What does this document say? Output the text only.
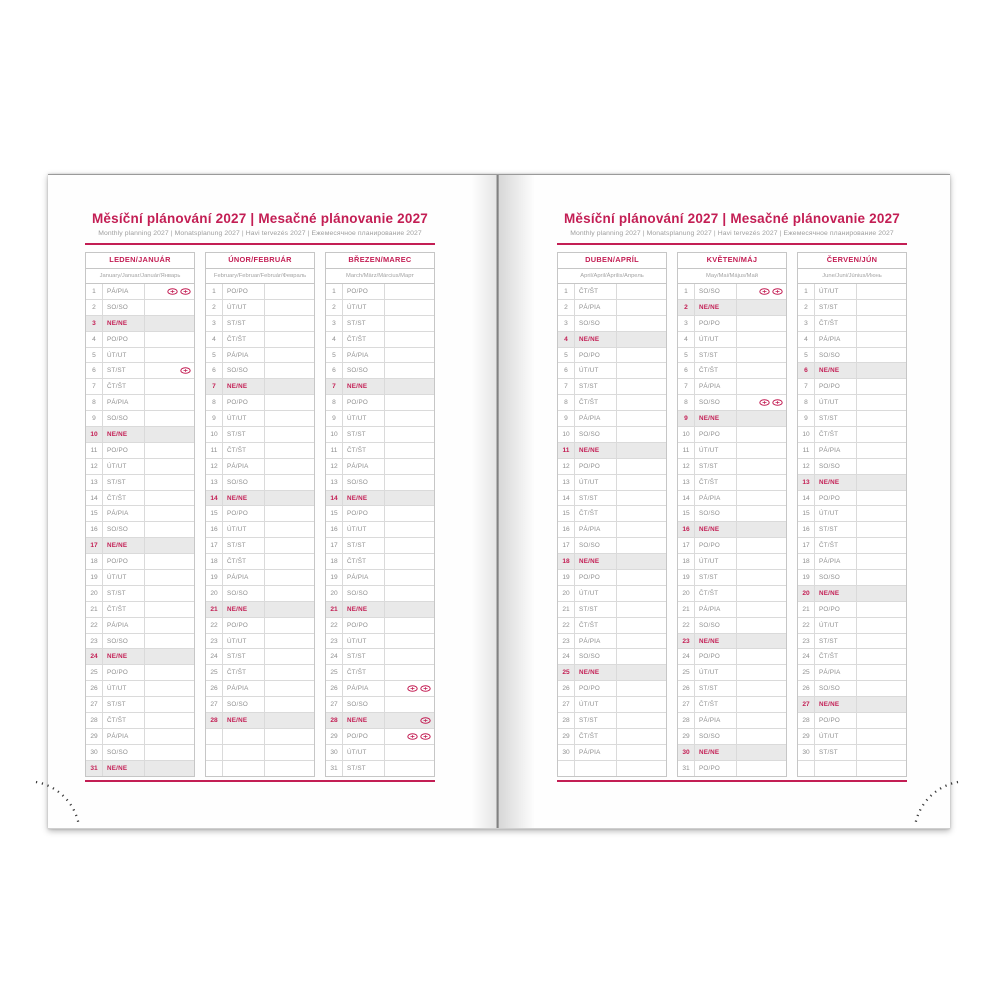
Měsíční plánování 2027 | Mesačné plánovanie 2027
Monthly planning 2027 | Monatsplanung 2027 | Havi tervezés 2027 | Ежемесячное планирование 2027
LEDEN/JANUÁR
January/Januar/Január/Январь
1	PÁ/PIA
2	SO/SO
3	NE/NE
4	PO/PO
5	ÚT/UT
6	ST/ST
7	ČT/ŠT
8	PÁ/PIA
9	SO/SO
10	NE/NE
11	PO/PO
12	ÚT/UT
13	ST/ST
14	ČT/ŠT
15	PÁ/PIA
16	SO/SO
17	NE/NE
18	PO/PO
19	ÚT/UT
20	ST/ST
21	ČT/ŠT
22	PÁ/PIA
23	SO/SO
24	NE/NE
25	PO/PO
26	ÚT/UT
27	ST/ST
28	ČT/ŠT
29	PÁ/PIA
30	SO/SO
31	NE/NE
ÚNOR/FEBRUÁR
February/Februar/Február/Февраль
1	PO/PO
2	ÚT/UT
3	ST/ST
4	ČT/ŠT
5	PÁ/PIA
6	SO/SO
7	NE/NE
8	PO/PO
9	ÚT/UT
10	ST/ST
11	ČT/ŠT
12	PÁ/PIA
13	SO/SO
14	NE/NE
15	PO/PO
16	ÚT/UT
17	ST/ST
18	ČT/ŠT
19	PÁ/PIA
20	SO/SO
21	NE/NE
22	PO/PO
23	ÚT/UT
24	ST/ST
25	ČT/ŠT
26	PÁ/PIA
27	SO/SO
28	NE/NE
BŘEZEN/MAREC
March/März/Március/Март
1	PO/PO
2	ÚT/UT
3	ST/ST
4	ČT/ŠT
5	PÁ/PIA
6	SO/SO
7	NE/NE
8	PO/PO
9	ÚT/UT
10	ST/ST
11	ČT/ŠT
12	PÁ/PIA
13	SO/SO
14	NE/NE
15	PO/PO
16	ÚT/UT
17	ST/ST
18	ČT/ŠT
19	PÁ/PIA
20	SO/SO
21	NE/NE
22	PO/PO
23	ÚT/UT
24	ST/ST
25	ČT/ŠT
26	PÁ/PIA
27	SO/SO
28	NE/NE
29	PO/PO
30	ÚT/UT
31	ST/ST
Měsíční plánování 2027 | Mesačné plánovanie 2027
Monthly planning 2027 | Monatsplanung 2027 | Havi tervezés 2027 | Ежемесячное планирование 2027
DUBEN/APRÍL
April/April/Április/Апрель
1	ČT/ŠT
2	PÁ/PIA
3	SO/SO
4	NE/NE
5	PO/PO
6	ÚT/UT
7	ST/ST
8	ČT/ŠT
9	PÁ/PIA
10	SO/SO
11	NE/NE
12	PO/PO
13	ÚT/UT
14	ST/ST
15	ČT/ŠT
16	PÁ/PIA
17	SO/SO
18	NE/NE
19	PO/PO
20	ÚT/UT
21	ST/ST
22	ČT/ŠT
23	PÁ/PIA
24	SO/SO
25	NE/NE
26	PO/PO
27	ÚT/UT
28	ST/ST
29	ČT/ŠT
30	PÁ/PIA
KVĚTEN/MÁJ
May/Mai/Május/Май
1	SO/SO
2	NE/NE
3	PO/PO
4	ÚT/UT
5	ST/ST
6	ČT/ŠT
7	PÁ/PIA
8	SO/SO
9	NE/NE
10	PO/PO
11	ÚT/UT
12	ST/ST
13	ČT/ŠT
14	PÁ/PIA
15	SO/SO
16	NE/NE
17	PO/PO
18	ÚT/UT
19	ST/ST
20	ČT/ŠT
21	PÁ/PIA
22	SO/SO
23	NE/NE
24	PO/PO
25	ÚT/UT
26	ST/ST
27	ČT/ŠT
28	PÁ/PIA
29	SO/SO
30	NE/NE
31	PO/PO
ČERVEN/JÚN
June/Juni/Június/Июнь
1	ÚT/UT
2	ST/ST
3	ČT/ŠT
4	PÁ/PIA
5	SO/SO
6	NE/NE
7	PO/PO
8	ÚT/UT
9	ST/ST
10	ČT/ŠT
11	PÁ/PIA
12	SO/SO
13	NE/NE
14	PO/PO
15	ÚT/UT
16	ST/ST
17	ČT/ŠT
18	PÁ/PIA
19	SO/SO
20	NE/NE
21	PO/PO
22	ÚT/UT
23	ST/ST
24	ČT/ŠT
25	PÁ/PIA
26	SO/SO
27	NE/NE
28	PO/PO
29	ÚT/UT
30	ST/ST
